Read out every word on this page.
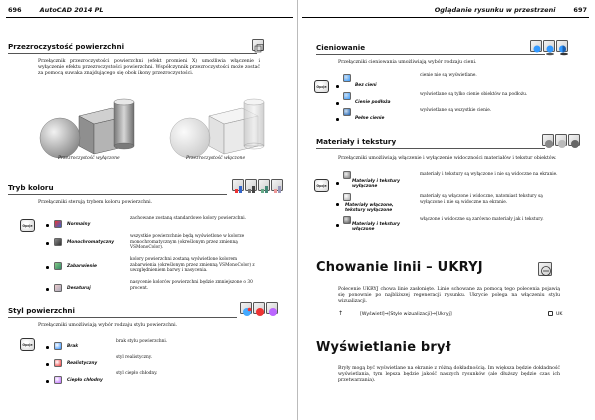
696	AutoCAD 2014 PL
Przezroczystość powierzchni
Przełącznik przezroczystości powierzchni (efekt promieni X) umożliwia włączenie i wyłączenie efektu przezroczystości powierzchni. Współczynnik przezroczystości może zostać za pomocą suwaka znajdującego się obok ikony przezroczystości.
Przezroczystość wyłączone	Przezroczystość włączone
Tryb koloru
Przełączniki sterują trybem koloru powierzchni.
Opcje	Normalny
zachowane zostaną standardowe kolory powierzchni.
Monochromatyczny
wszystkie powierzchnie będą wyświetlone w kolorze monochromatycznym (określonym przez zmienną VSMonoColor).
Zabarwienie
kolory powierzchni zostaną wyświetlone kolorem zabarwienia (określonym przez zmienną VSMonoColor) z uwzględnieniem barwy i nasycenia.
Desaturuj
nasycenie kolorów powierzchni będzie zmniejszone o 30 procent.
Styl powierzchni
Przełączniki umożliwiają wybór rodzaju stylu powierzchni.
Opcje	Brak
brak stylu powierzchni.
Realistyczny
styl realistyczny.
Ciepło chłodny
styl ciepło chłodny.
Oglądanie rysunku w przestrzeni	697
Cieniowanie
Przełączniki cieniowania umożliwiają wybór rodzaju cieni.
Opcje	Bez cieni
cienie nie są wyświetlane.
Cienie podłoża
wyświetlane są tylko cienie obiektów na podłożu.
Pełne cienie
wyświetlane są wszystkie cienie.
Materiały i tekstury
Przełączniki umożliwiają włączenie i wyłączenie widoczności materiałów i tekstur obiektów.
Opcje
Materiały i tekstury wyłączone
materiały i tekstury są wyłączone i nie są widoczne na ekranie.
Materiały włączone, tekstury wyłączone
materiały są włączone i widoczne, natomiast tekstury są wyłączone i nie są widoczne na ekranie.
Materiały i tekstury włączone
włączone i widoczne są zarówno materiały jak i tekstury.
Chowanie linii – UKRYJ
Polecenie UKRYJ chowa linie zasłonięte. Linie schowane za pomocą tego polecenia pojawią się ponownie po najbliższej regeneracji rysunku. Ukrycie polega na włączeniu stylu wizualizacji.
↑	[Wyświetl]⇒[Style wizualizacji]⇒[Ukryj]	UK
Wyświetlanie brył
Bryły mogą być wyświetlane na ekranie z różną dokładnością. Im większa będzie dokładność wyświetlania, tym lepsza będzie jakość naszych rysunków (ale dłuższy będzie czas ich przetwarzania).
